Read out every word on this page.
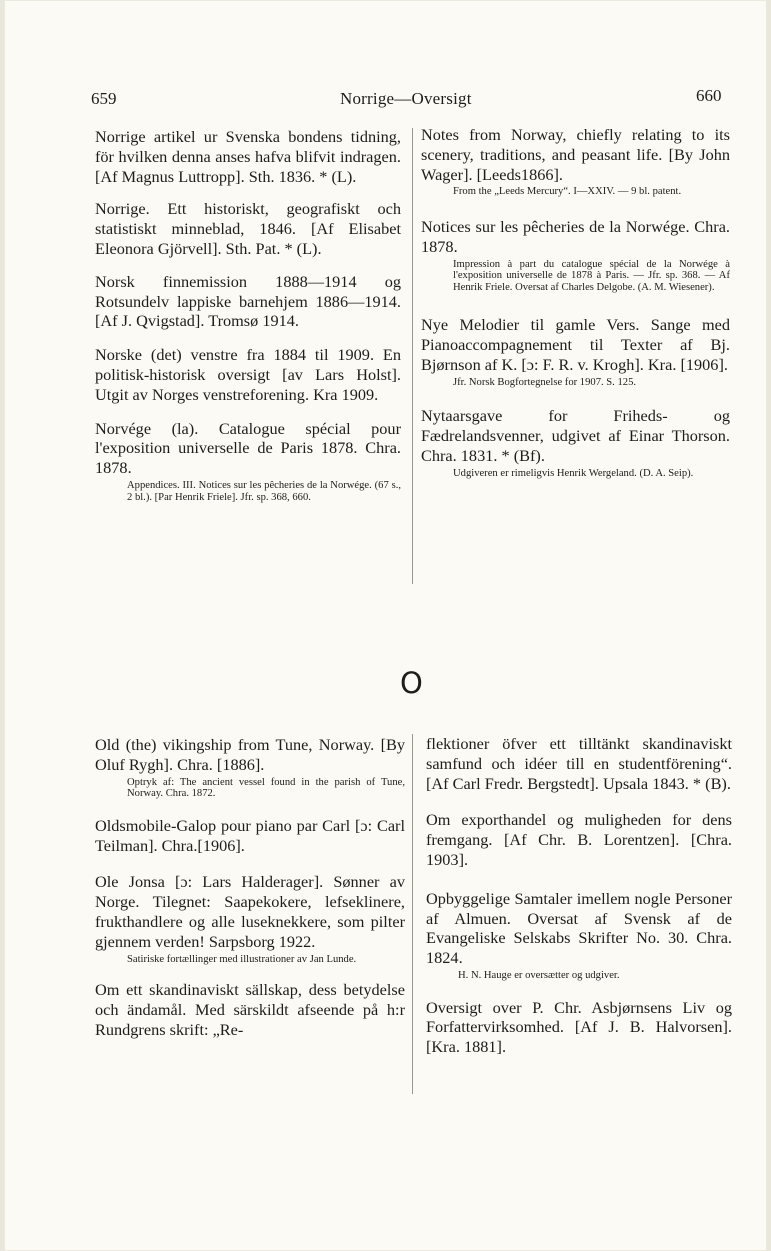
659	Norrige—Oversigt	660

Norrige artikel ur Svenska bondens tidning, för hvilken denna anses hafva blifvit indragen. [Af Magnus Luttropp]. Sth. 1836. * (L).

Norrige. Ett historiskt, geografiskt och statistiskt minneblad, 1846. [Af Elisabet Eleonora Gjörvell]. Sth. Pat. * (L).

Norsk finnemission 1888—1914 og Rotsundelv lappiske barnehjem 1886—1914. [Af J. Qvigstad]. Tromsø 1914.

Norske (det) venstre fra 1884 til 1909. En politisk-historisk oversigt [av Lars Holst]. Utgit av Norges venstreforening. Kra 1909.

Norvége (la). Catalogue spécial pour l'exposition universelle de Paris 1878. Chra. 1878.

Appendices. III. Notices sur les pêcheries de la Norwége. (67 s., 2 bl.). [Par Henrik Friele]. Jfr. sp. 368, 660.

Notes from Norway, chiefly relating to its scenery, traditions, and peasant life. [By John Wager]. [Leeds1866].

From the „Leeds Mercury“. I—XXIV. — 9 bl. patent.

Notices sur les pêcheries de la Norwége. Chra. 1878.

Impression à part du catalogue spécial de la Norwége à l'exposition universelle de 1878 à Paris. — Jfr. sp. 368. — Af Henrik Friele. Oversat af Charles Delgobe. (A. M. Wiesener).

Nye Melodier til gamle Vers. Sange med Pianoaccompagnement til Texter af Bj. Bjørnson af K. [ɔ: F. R. v. Krogh]. Kra. [1906].

Jfr. Norsk Bogfortegnelse for 1907. S. 125.

Nytaarsgave for Friheds- og Fædrelandsvenner, udgivet af Einar Thorson. Chra. 1831. * (Bf).

Udgiveren er rimeligvis Henrik Wergeland. (D. A. Seip).

O

Old (the) vikingship from Tune, Norway. [By Oluf Rygh]. Chra. [1886].

Optryk af: The ancient vessel found in the parish of Tune, Norway. Chra. 1872.

Oldsmobile-Galop pour piano par Carl [ɔ: Carl Teilman]. Chra.[1906].

Ole Jonsa [ɔ: Lars Halderager]. Sønner av Norge. Tilegnet: Saapekokere, lefseklinere, frukthandlere og alle luseknekkere, som pilter gjennem verden! Sarpsborg 1922.

Satiriske fortællinger med illustrationer av Jan Lunde.

Om ett skandinaviskt sällskap, dess betydelse och ändamål. Med särskildt afseende på h:r Rundgrens skrift: „Re-

flektioner öfver ett tilltänkt skandinaviskt samfund och idéer till en studentförening“. [Af Carl Fredr. Bergstedt]. Upsala 1843. * (B).

Om exporthandel og muligheden for dens fremgang. [Af Chr. B. Lorentzen]. [Chra. 1903].

Opbyggelige Samtaler imellem nogle Personer af Almuen. Oversat af Svensk af de Evangeliske Selskabs Skrifter No. 30. Chra. 1824.

H. N. Hauge er oversætter og udgiver.

Oversigt over P. Chr. Asbjørnsens Liv og Forfattervirksomhed. [Af J. B. Halvorsen]. [Kra. 1881].
